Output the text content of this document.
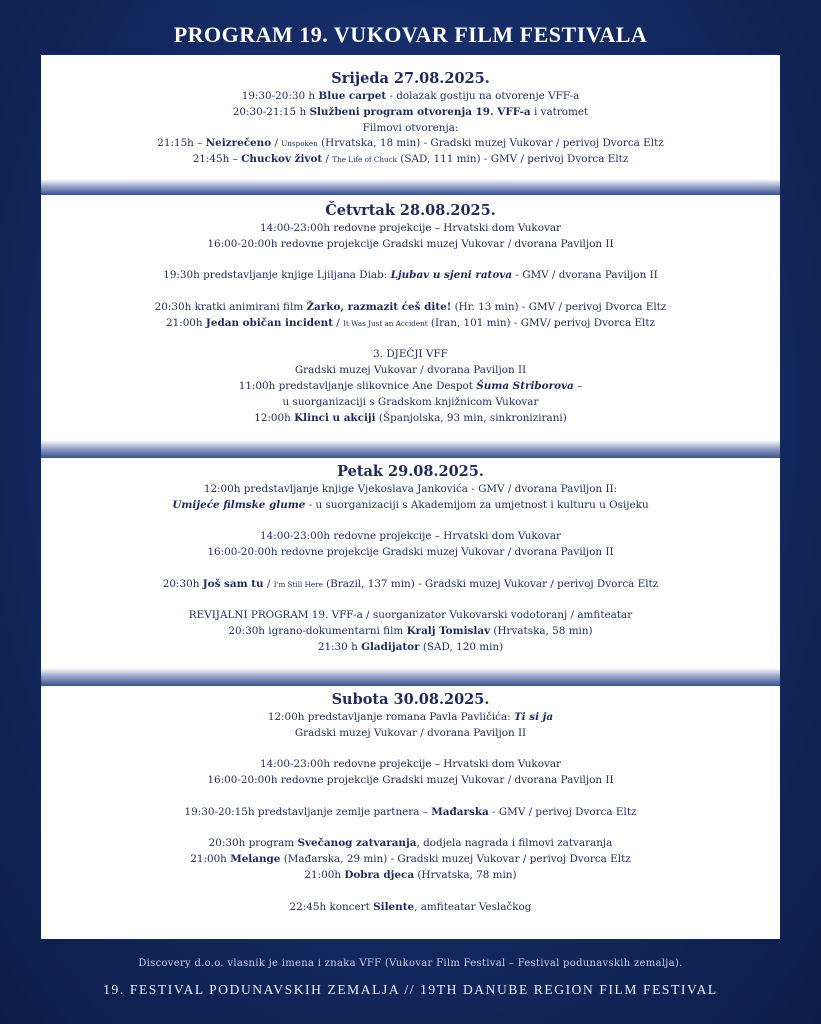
PROGRAM 19. VUKOVAR FILM FESTIVALA
Srijeda 27.08.2025.
19:30-20:30 h Blue carpet - dolazak gostiju na otvorenje VFF-a
20:30-21:15 h Službeni program otvorenja 19. VFF-a i vatromet
Filmovi otvorenja:
21:15h – Neizrečeno / Unspoken (Hrvatska, 18 min) - Gradski muzej Vukovar / perivoj Dvorca Eltz
21:45h – Chuckov život / The Life of Chuck (SAD, 111 min) - GMV / perivoj Dvorca Eltz
Četvrtak 28.08.2025.
14:00-23:00h redovne projekcije – Hrvatski dom Vukovar
16:00-20:00h redovne projekcije Gradski muzej Vukovar / dvorana Paviljon II
19:30h predstavljanje knjige Ljiljana Diab: Ljubav u sjeni ratova - GMV / dvorana Paviljon II
20:30h kratki animirani film Žarko, razmazit ćeš dite! (Hr. 13 min) - GMV / perivoj Dvorca Eltz
21:00h Jedan običan incident / It Was Just an Accident (Iran, 101 min) - GMV/ perivoj Dvorca Eltz
3. DJEČJI VFF
Gradski muzej Vukovar / dvorana Paviljon II
11:00h predstavljanje slikovnice Ane Despot Šuma Striborova –
u suorganizaciji s Gradskom knjižnicom Vukovar
12:00h Klinci u akciji (Španjolska, 93 min, sinkronizirani)
Petak 29.08.2025.
12:00h predstavljanje knjige Vjekoslava Jankovića - GMV / dvorana Paviljon II:
Umijeće filmske glume - u suorganizaciji s Akademijom za umjetnost i kulturu u Osijeku
14:00-23:00h redovne projekcije – Hrvatski dom Vukovar
16:00-20:00h redovne projekcije Gradski muzej Vukovar / dvorana Paviljon II
20:30h Još sam tu / I'm Still Here (Brazil, 137 min) - Gradski muzej Vukovar / perivoj Dvorca Eltz
REVIJALNI PROGRAM 19. VFF-a / suorganizator Vukovarski vodotoranj / amfiteatar
20:30h igrano-dokumentarni film Kralj Tomislav (Hrvatska, 58 min)
21:30 h Gladijator (SAD, 120 min)
Subota 30.08.2025.
12:00h predstavljanje romana Pavla Pavličića: Ti si ja
Gradski muzej Vukovar / dvorana Paviljon II
14:00-23:00h redovne projekcije – Hrvatski dom Vukovar
16:00-20:00h redovne projekcije Gradski muzej Vukovar / dvorana Paviljon II
19:30-20:15h predstavljanje zemlje partnera – Mađarska - GMV / perivoj Dvorca Eltz
20:30h program Svečanog zatvaranja, dodjela nagrada i filmovi zatvaranja
21:00h Melange (Mađarska, 29 min) - Gradski muzej Vukovar / perivoj Dvorca Eltz
21:00h Dobra djeca (Hrvatska, 78 min)
22:45h koncert Silente, amfiteatar Veslačkog
Discovery d.o.o. vlasnik je imena i znaka VFF (Vukovar Film Festival – Festival podunavskih zemalja).
19. FESTIVAL PODUNAVSKIH ZEMALJA // 19TH DANUBE REGION FILM FESTIVAL
